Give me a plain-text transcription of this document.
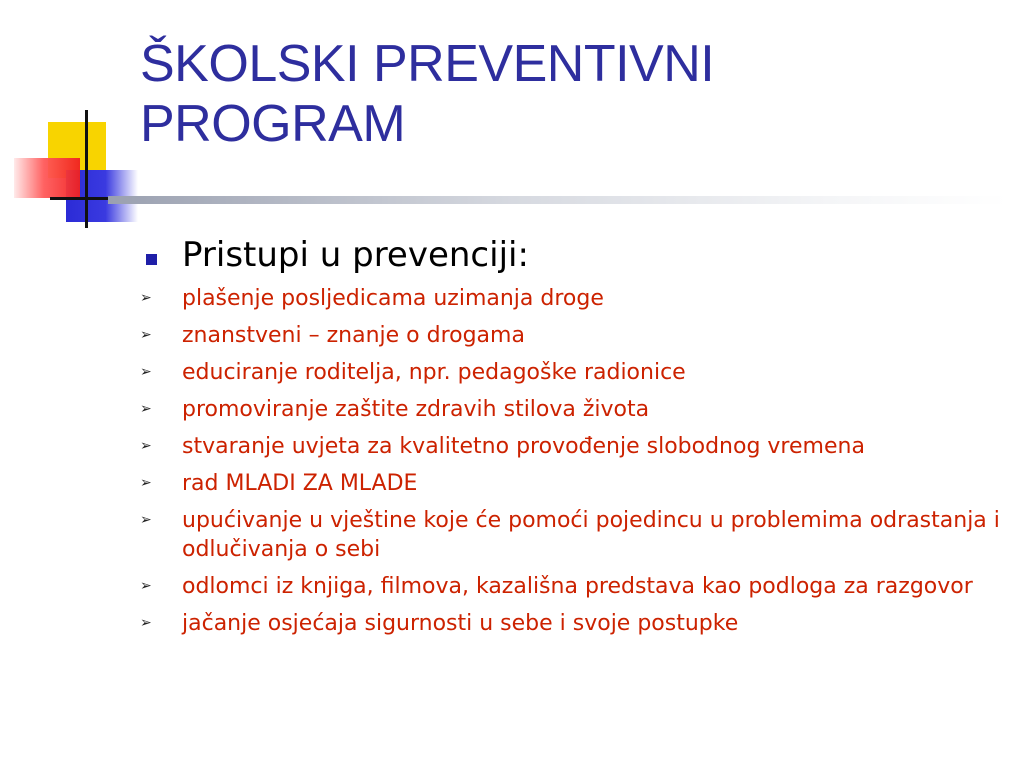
ŠKOLSKI PREVENTIVNI
PROGRAM
Pristupi u prevenciji:
➢ plašenje posljedicama uzimanja droge
➢ znanstveni – znanje o drogama
➢ educiranje roditelja, npr. pedagoške radionice
➢ promoviranje zaštite zdravih stilova života
➢ stvaranje uvjeta za kvalitetno provođenje slobodnog vremena
➢ rad MLADI ZA MLADE
➢ upućivanje u vještine koje će pomoći pojedincu u problemima odrastanja i odlučivanja o sebi
➢ odlomci iz knjiga, filmova, kazališna predstava kao podloga za razgovor
➢ jačanje osjećaja sigurnosti u sebe i svoje postupke
